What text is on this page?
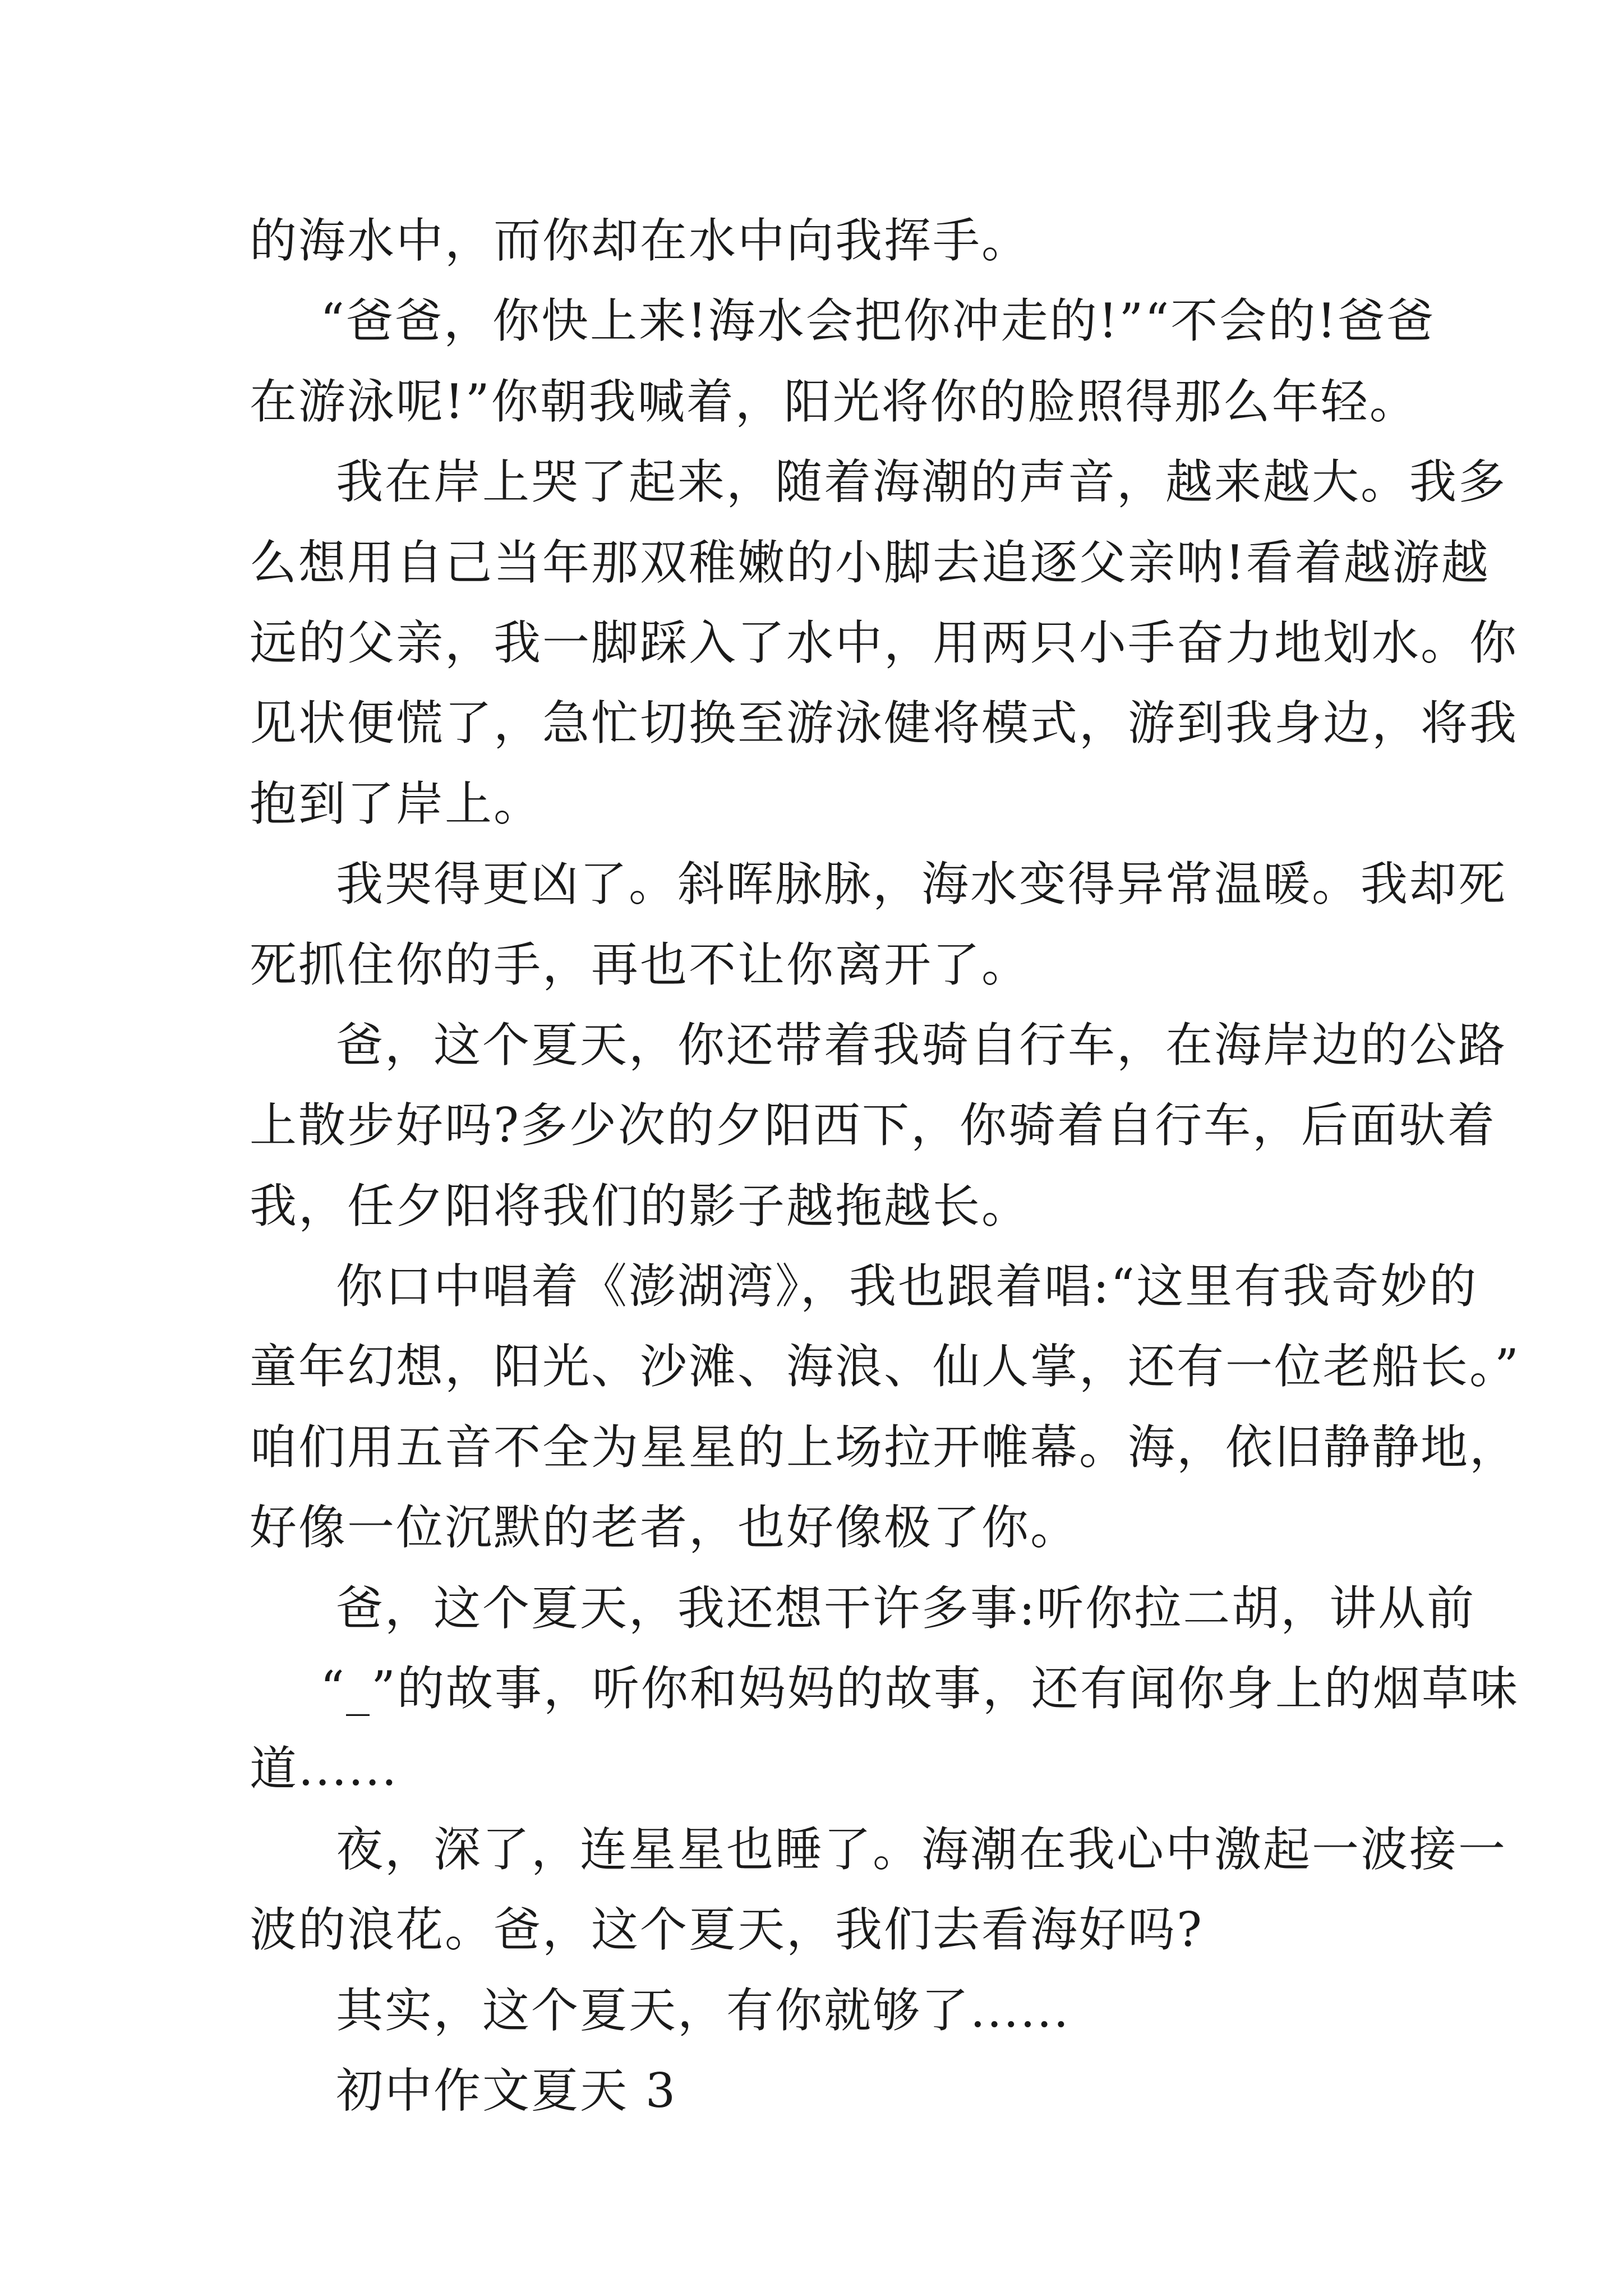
的海水中，而你却在水中向我挥手。
“爸爸，你快上来!海水会把你冲走的!”“不会的!爸爸
在游泳呢!”你朝我喊着，阳光将你的脸照得那么年轻。
我在岸上哭了起来，随着海潮的声音，越来越大。我多
么想用自己当年那双稚嫩的小脚去追逐父亲呐!看着越游越
远的父亲，我一脚踩入了水中，用两只小手奋力地划水。你
见状便慌了，急忙切换至游泳健将模式，游到我身边，将我
抱到了岸上。
我哭得更凶了。斜晖脉脉，海水变得异常温暖。我却死
死抓住你的手，再也不让你离开了。
爸，这个夏天，你还带着我骑自行车，在海岸边的公路
上散步好吗?多少次的夕阳西下，你骑着自行车，后面驮着
我，任夕阳将我们的影子越拖越长。
你口中唱着《澎湖湾》，我也跟着唱:“这里有我奇妙的
童年幻想，阳光、沙滩、海浪、仙人掌，还有一位老船长。”
咱们用五音不全为星星的上场拉开帷幕。海，依旧静静地，
好像一位沉默的老者，也好像极了你。
爸，这个夏天，我还想干许多事:听你拉二胡，讲从前
“_”的故事，听你和妈妈的故事，还有闻你身上的烟草味
道......
夜，深了，连星星也睡了。海潮在我心中激起一波接一
波的浪花。爸，这个夏天，我们去看海好吗?
其实，这个夏天，有你就够了......
初中作文夏天 3
